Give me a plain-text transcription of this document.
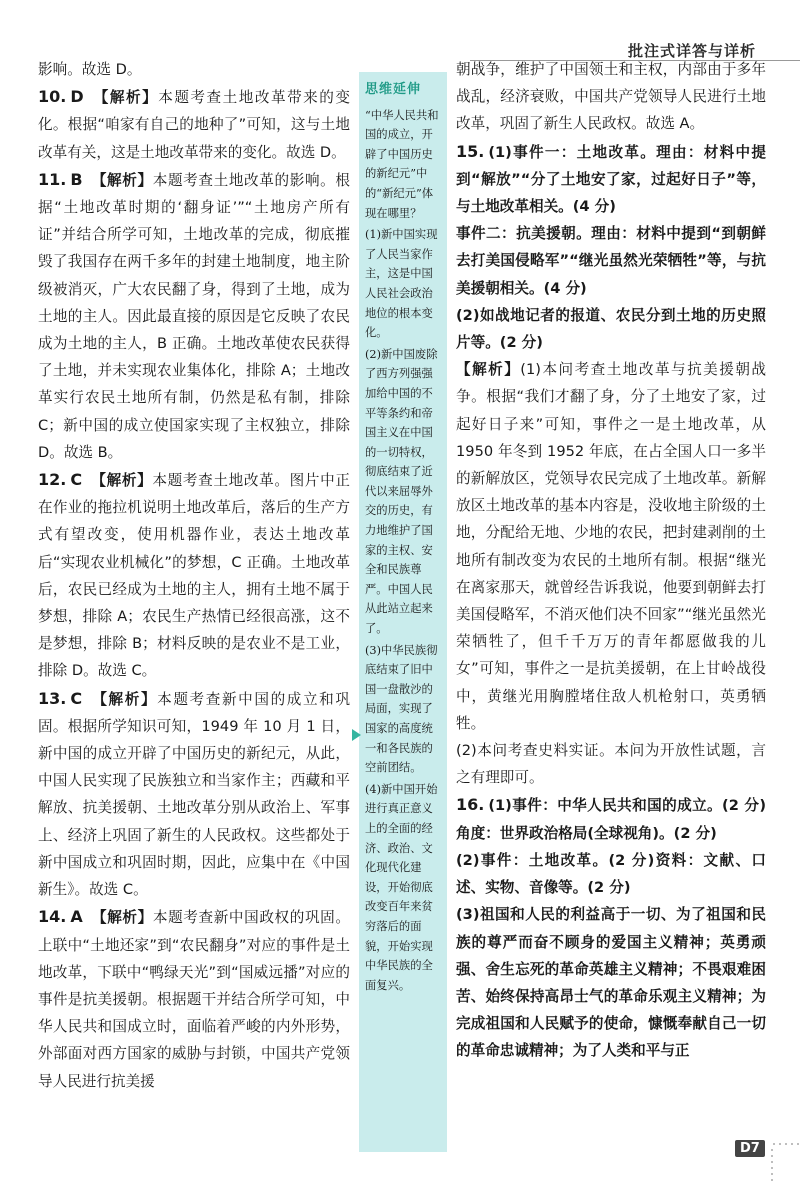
批注式详答与详析

影响。故选 D。

10. D 【解析】本题考查土地改革带来的变化。根据“咱家有自己的地种了”可知，这与土地改革有关，这是土地改革带来的变化。故选 D。

11. B 【解析】本题考查土地改革的影响。根据“土地改革时期的‘翻身证’”“土地房产所有证”并结合所学可知，土地改革的完成，彻底摧毁了我国存在两千多年的封建土地制度，地主阶级被消灭，广大农民翻了身，得到了土地，成为土地的主人。因此最直接的原因是它反映了农民成为土地的主人，B 正确。土地改革使农民获得了土地，并未实现农业集体化，排除 A；土地改革实行农民土地所有制，仍然是私有制，排除 C；新中国的成立使国家实现了主权独立，排除 D。故选 B。

12. C 【解析】本题考查土地改革。图片中正在作业的拖拉机说明土地改革后，落后的生产方式有望改变，使用机器作业，表达土地改革后“实现农业机械化”的梦想，C 正确。土地改革后，农民已经成为土地的主人，拥有土地不属于梦想，排除 A；农民生产热情已经很高涨，这不是梦想，排除 B；材料反映的是农业不是工业，排除 D。故选 C。

13. C 【解析】本题考查新中国的成立和巩固。根据所学知识可知，1949 年 10 月 1 日，新中国的成立开辟了中国历史的新纪元，从此，中国人民实现了民族独立和当家作主；西藏和平解放、抗美援朝、土地改革分别从政治上、军事上、经济上巩固了新生的人民政权。这些都处于新中国成立和巩固时期，因此，应集中在《中国新生》。故选 C。

14. A 【解析】本题考查新中国政权的巩固。上联中“土地还家”到“农民翻身”对应的事件是土地改革，下联中“鸭绿天光”到“国威远播”对应的事件是抗美援朝。根据题干并结合所学可知，中华人民共和国成立时，面临着严峻的内外形势，外部面对西方国家的威胁与封锁，中国共产党领导人民进行抗美援

思维延伸

“中华人民共和国的成立，开辟了中国历史的新纪元”中的“新纪元”体现在哪里？

(1)新中国实现了人民当家作主，这是中国人民社会政治地位的根本变化。

(2)新中国废除了西方列强强加给中国的不平等条约和帝国主义在中国的一切特权，彻底结束了近代以来屈辱外交的历史，有力地维护了国家的主权、安全和民族尊严。中国人民从此站立起来了。

(3)中华民族彻底结束了旧中国一盘散沙的局面，实现了国家的高度统一和各民族的空前团结。

(4)新中国开始进行真正意义上的全面的经济、政治、文化现代化建设，开始彻底改变百年来贫穷落后的面貌，开始实现中华民族的全面复兴。

朝战争，维护了中国领土和主权，内部由于多年战乱，经济衰败，中国共产党领导人民进行土地改革，巩固了新生人民政权。故选 A。

15. (1)事件一：土地改革。理由：材料中提到“解放”“分了土地安了家，过起好日子”等，与土地改革相关。(4 分)

事件二：抗美援朝。理由：材料中提到“到朝鲜去打美国侵略军”“继光虽然光荣牺牲”等，与抗美援朝相关。(4 分)

(2)如战地记者的报道、农民分到土地的历史照片等。(2 分)

【解析】(1)本问考查土地改革与抗美援朝战争。根据“我们才翻了身，分了土地安了家，过起好日子来”可知，事件之一是土地改革，从 1950 年冬到 1952 年底，在占全国人口一多半的新解放区，党领导农民完成了土地改革。新解放区土地改革的基本内容是，没收地主阶级的土地，分配给无地、少地的农民，把封建剥削的土地所有制改变为农民的土地所有制。根据“继光在离家那天，就曾经告诉我说，他要到朝鲜去打美国侵略军，不消灭他们决不回家”“继光虽然光荣牺牲了，但千千万万的青年都愿做我的儿女”可知，事件之一是抗美援朝，在上甘岭战役中，黄继光用胸膛堵住敌人机枪射口，英勇牺牲。

(2)本问考查史料实证。本问为开放性试题，言之有理即可。

16. (1)事件：中华人民共和国的成立。(2 分)角度：世界政治格局(全球视角)。(2 分)

(2)事件：土地改革。(2 分)资料：文献、口述、实物、音像等。(2 分)

(3)祖国和人民的利益高于一切、为了祖国和民族的尊严而奋不顾身的爱国主义精神；英勇顽强、舍生忘死的革命英雄主义精神；不畏艰难困苦、始终保持高昂士气的革命乐观主义精神；为完成祖国和人民赋予的使命，慷慨奉献自己一切的革命忠诚精神；为了人类和平与正

D7
